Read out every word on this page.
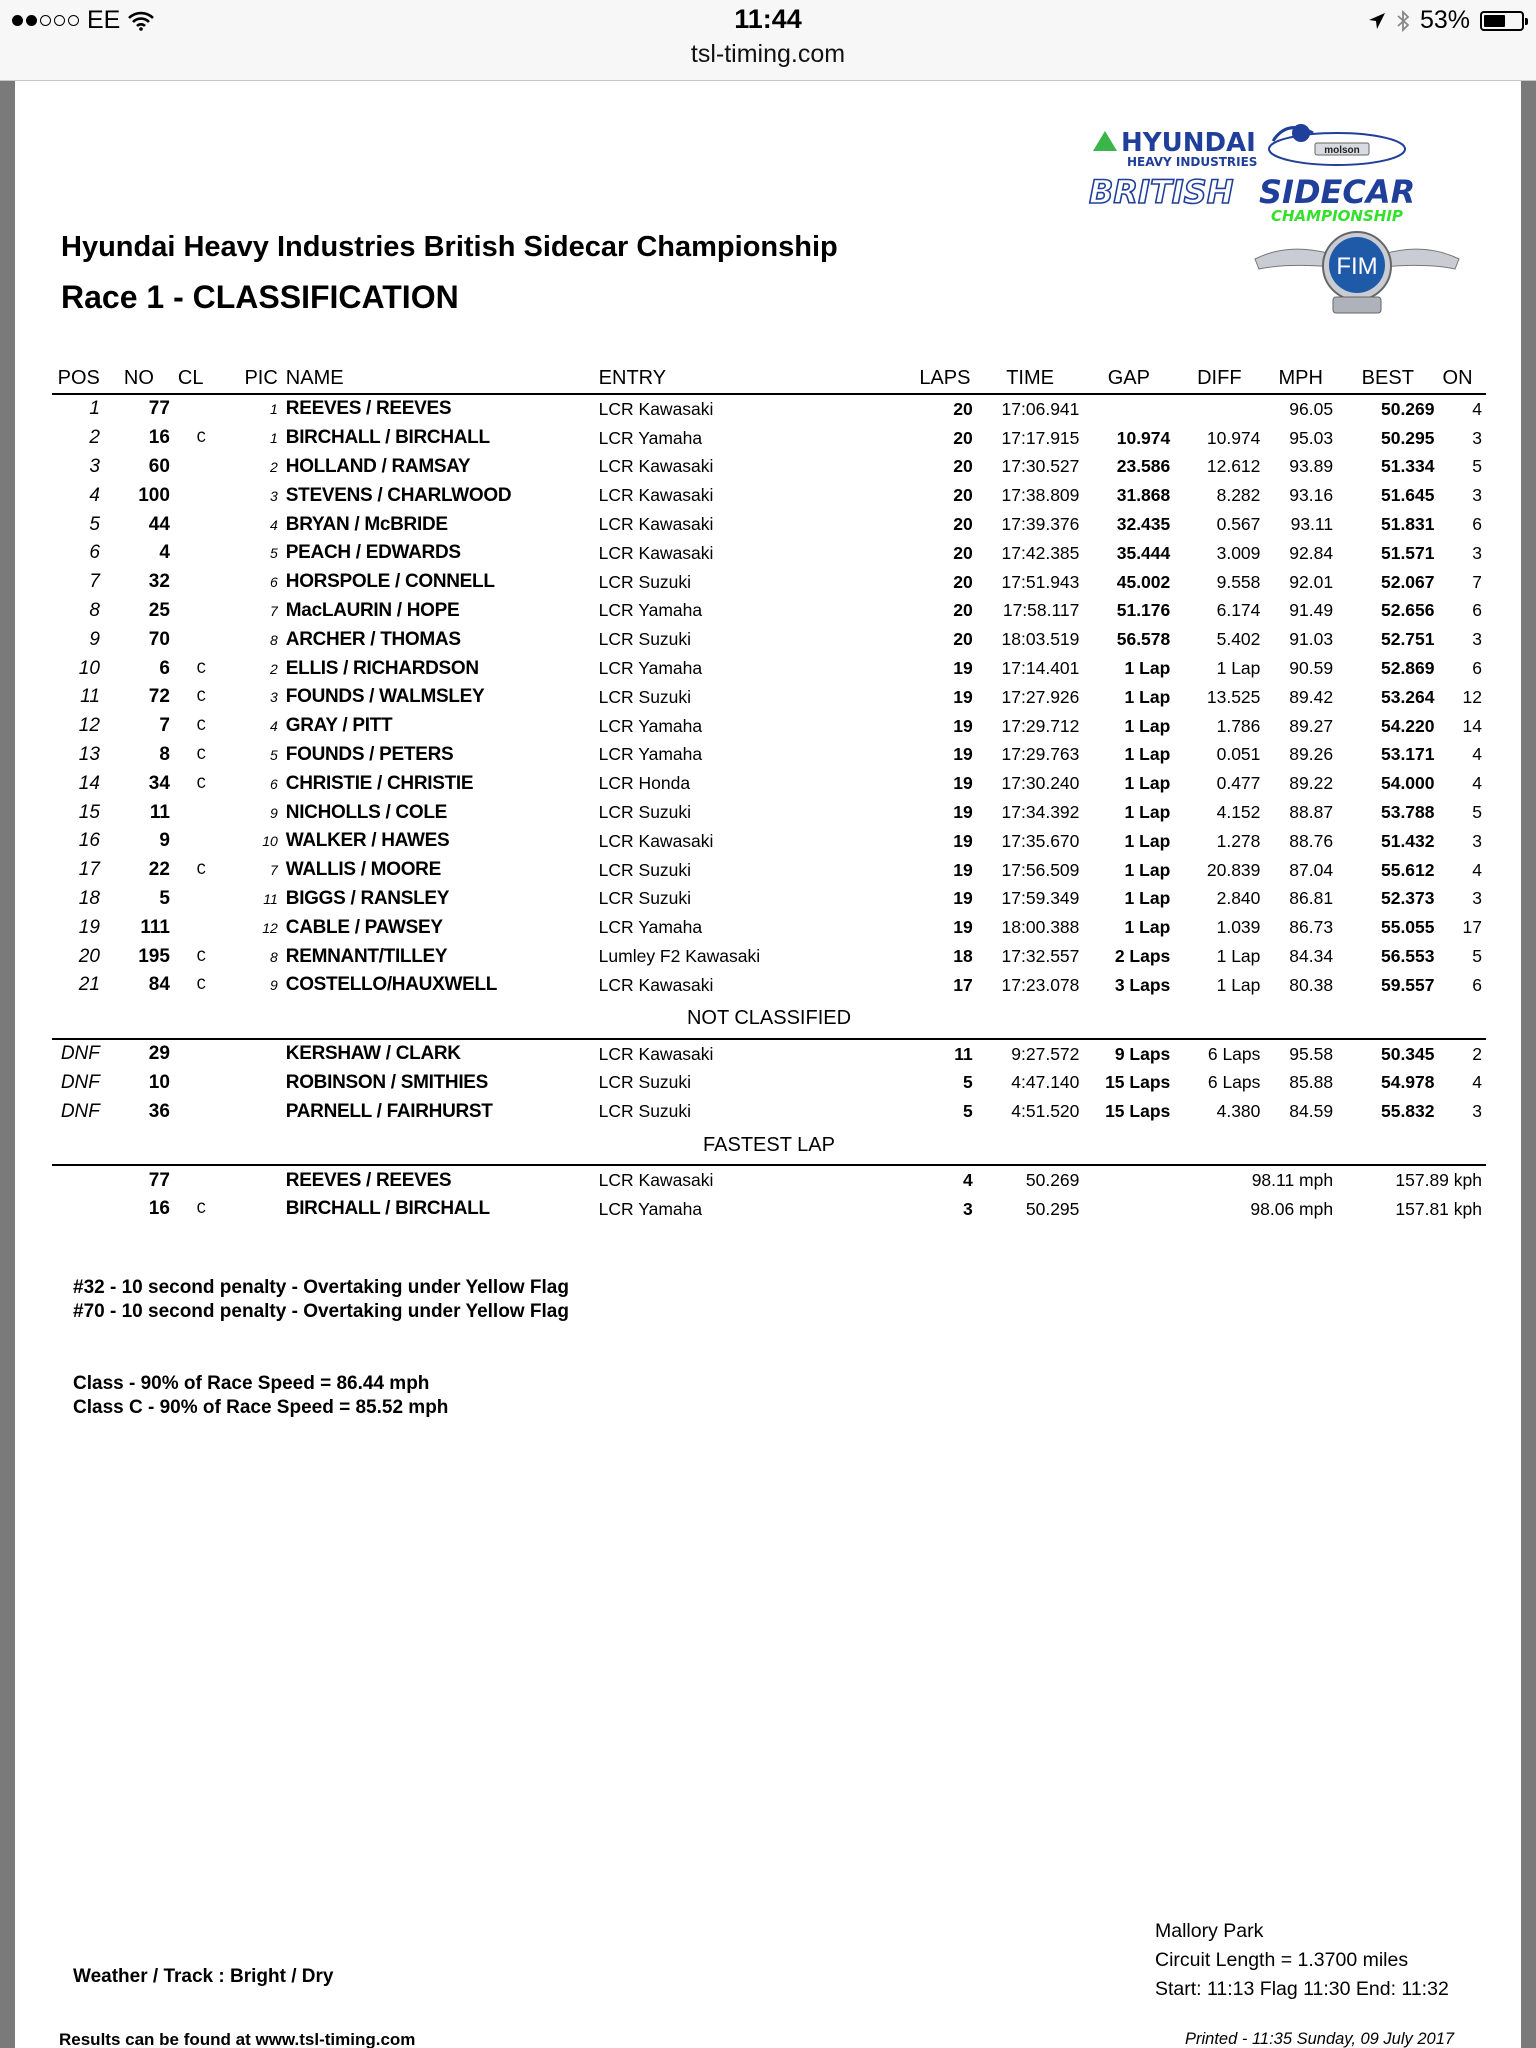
EE	11:44
tsl-timing.com
53%
HYUNDAI
HEAVY INDUSTRIES
molson
BRITISH SIDECAR
CHAMPIONSHIP
FIM
Hyundai Heavy Industries British Sidecar Championship
Race 1 - CLASSIFICATION
POS	NO	CL	PIC	NAME	ENTRY	LAPS	TIME	GAP	DIFF	MPH	BEST	ON	
1	77		1	REEVES / REEVES	LCR Kawasaki	20	17:06.941			96.05	50.269	4	
2	16	C	1	BIRCHALL / BIRCHALL	LCR Yamaha	20	17:17.915	10.974	10.974	95.03	50.295	3	
3	60		2	HOLLAND / RAMSAY	LCR Kawasaki	20	17:30.527	23.586	12.612	93.89	51.334	5	
4	100		3	STEVENS / CHARLWOOD	LCR Kawasaki	20	17:38.809	31.868	8.282	93.16	51.645	3	
5	44		4	BRYAN / McBRIDE	LCR Kawasaki	20	17:39.376	32.435	0.567	93.11	51.831	6	
6	4		5	PEACH / EDWARDS	LCR Kawasaki	20	17:42.385	35.444	3.009	92.84	51.571	3	
7	32		6	HORSPOLE / CONNELL	LCR Suzuki	20	17:51.943	45.002	9.558	92.01	52.067	7	
8	25		7	MacLAURIN / HOPE	LCR Yamaha	20	17:58.117	51.176	6.174	91.49	52.656	6	
9	70		8	ARCHER / THOMAS	LCR Suzuki	20	18:03.519	56.578	5.402	91.03	52.751	3	
10	6	C	2	ELLIS / RICHARDSON	LCR Yamaha	19	17:14.401	1 Lap	1 Lap	90.59	52.869	6	
11	72	C	3	FOUNDS / WALMSLEY	LCR Suzuki	19	17:27.926	1 Lap	13.525	89.42	53.264	12	
12	7	C	4	GRAY / PITT	LCR Yamaha	19	17:29.712	1 Lap	1.786	89.27	54.220	14	
13	8	C	5	FOUNDS / PETERS	LCR Yamaha	19	17:29.763	1 Lap	0.051	89.26	53.171	4	
14	34	C	6	CHRISTIE / CHRISTIE	LCR Honda	19	17:30.240	1 Lap	0.477	89.22	54.000	4	
15	11		9	NICHOLLS / COLE	LCR Suzuki	19	17:34.392	1 Lap	4.152	88.87	53.788	5	
16	9		10	WALKER / HAWES	LCR Kawasaki	19	17:35.670	1 Lap	1.278	88.76	51.432	3	
17	22	C	7	WALLIS / MOORE	LCR Suzuki	19	17:56.509	1 Lap	20.839	87.04	55.612	4	
18	5		11	BIGGS / RANSLEY	LCR Suzuki	19	17:59.349	1 Lap	2.840	86.81	52.373	3	
19	111		12	CABLE / PAWSEY	LCR Yamaha	19	18:00.388	1 Lap	1.039	86.73	55.055	17	
20	195	C	8	REMNANT/TILLEY	Lumley F2 Kawasaki	18	17:32.557	2 Laps	1 Lap	84.34	56.553	5	
21	84	C	9	COSTELLO/HAUXWELL	LCR Kawasaki	17	17:23.078	3 Laps	1 Lap	80.38	59.557	6	
NOT CLASSIFIED													
DNF	29			KERSHAW / CLARK	LCR Kawasaki	11	9:27.572	9 Laps	6 Laps	95.58	50.345	2	
DNF	10			ROBINSON / SMITHIES	LCR Suzuki	5	4:47.140	15 Laps	6 Laps	85.88	54.978	4	
DNF	36			PARNELL / FAIRHURST	LCR Suzuki	5	4:51.520	15 Laps	4.380	84.59	55.832	3	
FASTEST LAP													
	77			REEVES / REEVES	LCR Kawasaki	4	50.269		98.11 mph		157.89 kph		
	16	C		BIRCHALL / BIRCHALL	LCR Yamaha	3	50.295		98.06 mph		157.81 kph		
#32 - 10 second penalty - Overtaking under Yellow Flag
#70 - 10 second penalty - Overtaking under Yellow Flag
Class - 90% of Race Speed = 86.44 mph
Class C - 90% of Race Speed = 85.52 mph
Weather / Track : Bright / Dry
Mallory Park
Circuit Length = 1.3700 miles
Start: 11:13 Flag 11:30 End: 11:32
Results can be found at www.tsl-timing.com	Printed - 11:35 Sunday, 09 July 2017
